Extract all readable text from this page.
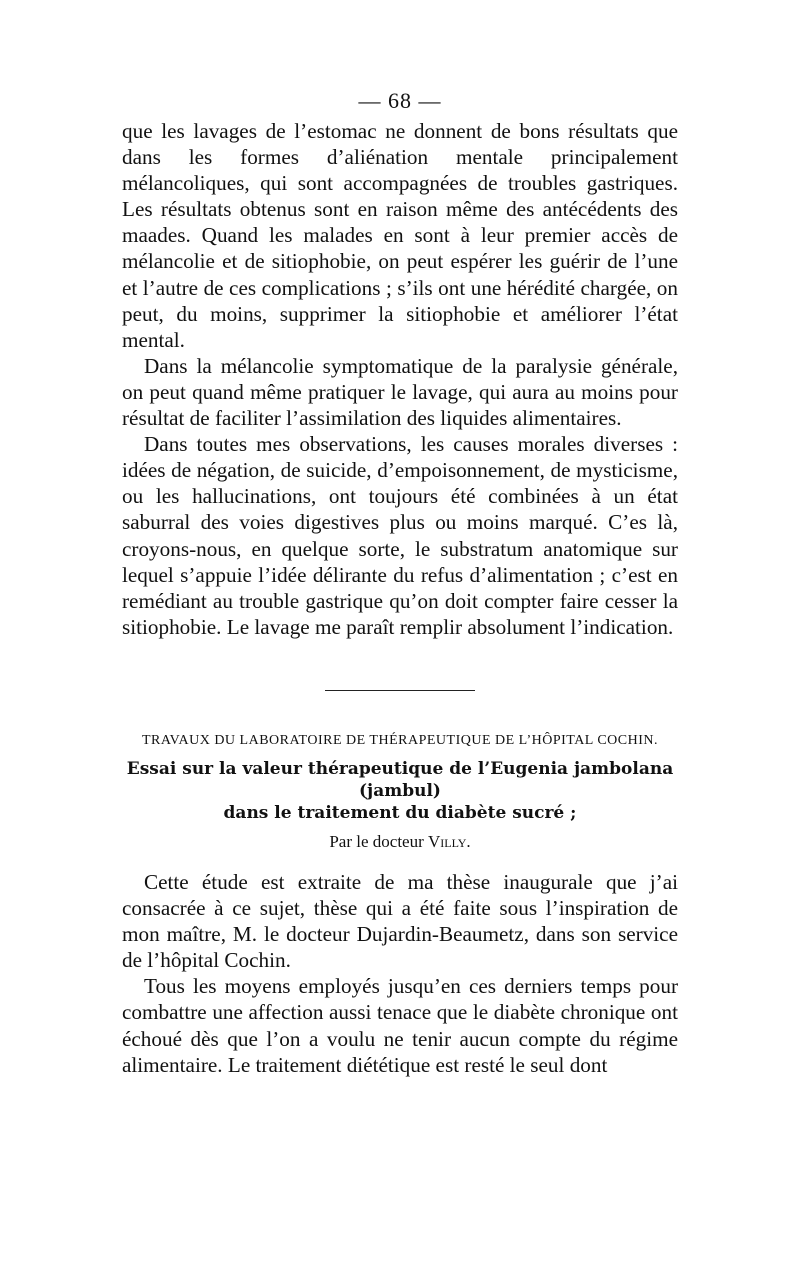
— 68 —

que les lavages de l’estomac ne donnent de bons résultats que dans les formes d’aliénation mentale principalement mélancoliques, qui sont accompagnées de troubles gastriques. Les résultats obtenus sont en raison même des antécédents des maades. Quand les malades en sont à leur premier accès de mélancolie et de sitiophobie, on peut espérer les guérir de l’une et l’autre de ces complications ; s’ils ont une hérédité chargée, on peut, du moins, supprimer la sitiophobie et améliorer l’état mental.

Dans la mélancolie symptomatique de la paralysie générale, on peut quand même pratiquer le lavage, qui aura au moins pour résultat de faciliter l’assimilation des liquides alimentaires.

Dans toutes mes observations, les causes morales diverses : idées de négation, de suicide, d’empoisonnement, de mysticisme, ou les hallucinations, ont toujours été combinées à un état saburral des voies digestives plus ou moins marqué. C’es là, croyons-nous, en quelque sorte, le substratum anatomique sur lequel s’appuie l’idée délirante du refus d’alimentation ; c’est en remédiant au trouble gastrique qu’on doit compter faire cesser la sitiophobie. Le lavage me paraît remplir absolument l’indication.

TRAVAUX DU LABORATOIRE DE THÉRAPEUTIQUE DE L’HÔPITAL COCHIN.
Essai sur la valeur thérapeutique de l’Eugenia jambolana
(jambul)
dans le traitement du diabète sucré ;
Par le docteur Villy.

Cette étude est extraite de ma thèse inaugurale que j’ai consacrée à ce sujet, thèse qui a été faite sous l’inspiration de mon maître, M. le docteur Dujardin-Beaumetz, dans son service de l’hôpital Cochin.

Tous les moyens employés jusqu’en ces derniers temps pour combattre une affection aussi tenace que le diabète chronique ont échoué dès que l’on a voulu ne tenir aucun compte du régime alimentaire. Le traitement diététique est resté le seul dont
